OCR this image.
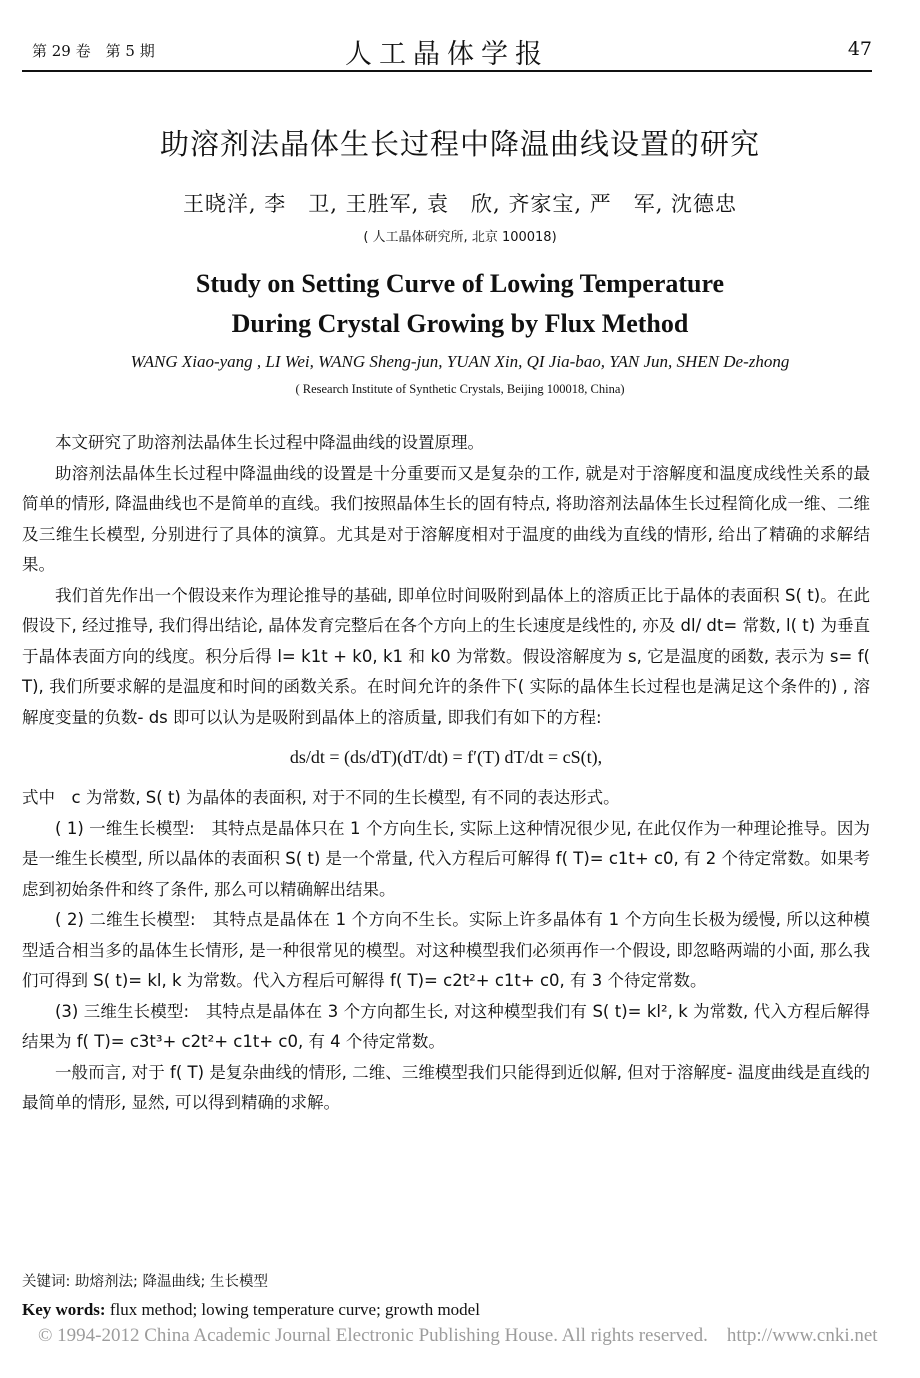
第 29 卷　第 5 期	人工晶体学报	47
助溶剂法晶体生长过程中降温曲线设置的研究
王晓洋, 李　卫, 王胜军, 袁　欣, 齐家宝, 严　军, 沈德忠
( 人工晶体研究所, 北京 100018)
Study on Setting Curve of Lowing Temperature
During Crystal Growing by Flux Method
WANG Xiao-yang , LI Wei, WANG Sheng-jun, YUAN Xin, QI Jia-bao, YAN Jun, SHEN De-zhong
( Research Institute of Synthetic Crystals, Beijing 100018, China)

本文研究了助溶剂法晶体生长过程中降温曲线的设置原理。

助溶剂法晶体生长过程中降温曲线的设置是十分重要而又是复杂的工作, 就是对于溶解度和温度成线性关系的最简单的情形, 降温曲线也不是简单的直线。我们按照晶体生长的固有特点, 将助溶剂法晶体生长过程简化成一维、二维及三维生长模型, 分别进行了具体的演算。尤其是对于溶解度相对于温度的曲线为直线的情形, 给出了精确的求解结果。

我们首先作出一个假设来作为理论推导的基础, 即单位时间吸附到晶体上的溶质正比于晶体的表面积 S( t)。在此假设下, 经过推导, 我们得出结论, 晶体发育完整后在各个方向上的生长速度是线性的, 亦及 dl/ dt= 常数, l( t) 为垂直于晶体表面方向的线度。积分后得 l= k1t + k0, k1 和 k0 为常数。假设溶解度为 s, 它是温度的函数, 表示为 s= f( T), 我们所要求解的是温度和时间的函数关系。在时间允许的条件下( 实际的晶体生长过程也是满足这个条件的) , 溶解度变量的负数- ds 即可以认为是吸附到晶体上的溶质量, 即我们有如下的方程:

ds/dt = (ds/dT)(dT/dt) = f′(T) dT/dt = cS(t),

式中　c 为常数, S( t) 为晶体的表面积, 对于不同的生长模型, 有不同的表达形式。

( 1) 一维生长模型:　其特点是晶体只在 1 个方向生长, 实际上这种情况很少见, 在此仅作为一种理论推导。因为是一维生长模型, 所以晶体的表面积 S( t) 是一个常量, 代入方程后可解得 f( T)= c1t+ c0, 有 2 个待定常数。如果考虑到初始条件和终了条件, 那么可以精确解出结果。

( 2) 二维生长模型:　其特点是晶体在 1 个方向不生长。实际上许多晶体有 1 个方向生长极为缓慢, 所以这种模型适合相当多的晶体生长情形, 是一种很常见的模型。对这种模型我们必须再作一个假设, 即忽略两端的小面, 那么我们可得到 S( t)= kl, k 为常数。代入方程后可解得 f( T)= c2t²+ c1t+ c0, 有 3 个待定常数。

(3) 三维生长模型:　其特点是晶体在 3 个方向都生长, 对这种模型我们有 S( t)= kl², k 为常数, 代入方程后解得结果为 f( T)= c3t³+ c2t²+ c1t+ c0, 有 4 个待定常数。

一般而言, 对于 f( T) 是复杂曲线的情形, 二维、三维模型我们只能得到近似解, 但对于溶解度- 温度曲线是直线的最简单的情形, 显然, 可以得到精确的求解。

关键词: 助熔剂法; 降温曲线; 生长模型
Key words: flux method; lowing temperature curve; growth model
© 1994-2012 China Academic Journal Electronic Publishing House. All rights reserved.　http://www.cnki.net
